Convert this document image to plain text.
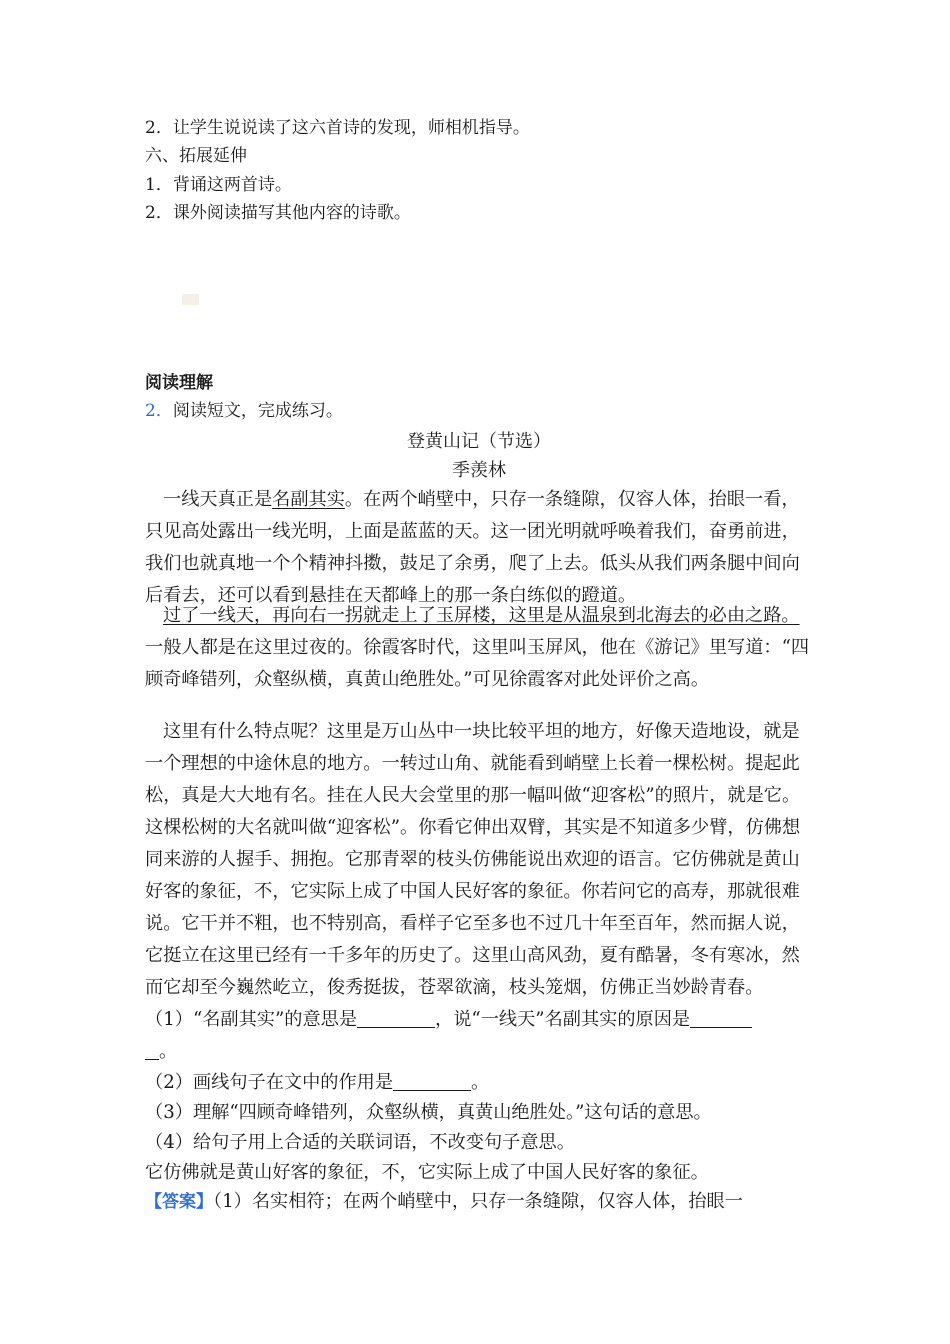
2．让学生说说读了这六首诗的发现，师相机指导。
六、拓展延伸
1．背诵这两首诗。
2．课外阅读描写其他内容的诗歌。
阅读理解
2．阅读短文，完成练习。
登黄山记（节选）
季羡林
一线天真正是名副其实。在两个峭壁中，只存一条缝隙，仅容人体，抬眼一看，只见高处露出一线光明，上面是蓝蓝的天。这一团光明就呼唤着我们，奋勇前进，我们也就真地一个个精神抖擞，鼓足了余勇，爬了上去。低头从我们两条腿中间向后看去，还可以看到悬挂在天都峰上的那一条白练似的蹬道。
过了一线天，再向右一拐就走上了玉屏楼，这里是从温泉到北海去的必由之路。一般人都是在这里过夜的。徐霞客时代，这里叫玉屏风，他在《游记》里写道：“四顾奇峰错列，众壑纵横，真黄山绝胜处。”可见徐霞客对此处评价之高。
这里有什么特点呢？这里是万山丛中一块比较平坦的地方，好像天造地设，就是一个理想的中途休息的地方。一转过山角、就能看到峭壁上长着一棵松树。提起此松，真是大大地有名。挂在人民大会堂里的那一幅叫做“迎客松”的照片，就是它。这棵松树的大名就叫做“迎客松”。你看它伸出双臂，其实是不知道多少臂，仿佛想同来游的人握手、拥抱。它那青翠的枝头仿佛能说出欢迎的语言。它仿佛就是黄山好客的象征，不，它实际上成了中国人民好客的象征。你若问它的高寿，那就很难说。它干并不粗，也不特别高，看样子它至多也不过几十年至百年，然而据人说，它挺立在这里已经有一千多年的历史了。这里山高风劲，夏有酷暑，冬有寒冰，然而它却至今巍然屹立，俊秀挺拔，苍翠欲滴，枝头笼烟，仿佛正当妙龄青春。
（1）“名副其实”的意思是	，说“一线天”名副其实的原因是
。
（2）画线句子在文中的作用是	。
（3）理解“四顾奇峰错列，众壑纵横，真黄山绝胜处。”这句话的意思。
（4）给句子用上合适的关联词语，不改变句子意思。
它仿佛就是黄山好客的象征，不，它实际上成了中国人民好客的象征。
【答案】（1）名实相符；在两个峭壁中，只存一条缝隙，仅容人体，抬眼一
